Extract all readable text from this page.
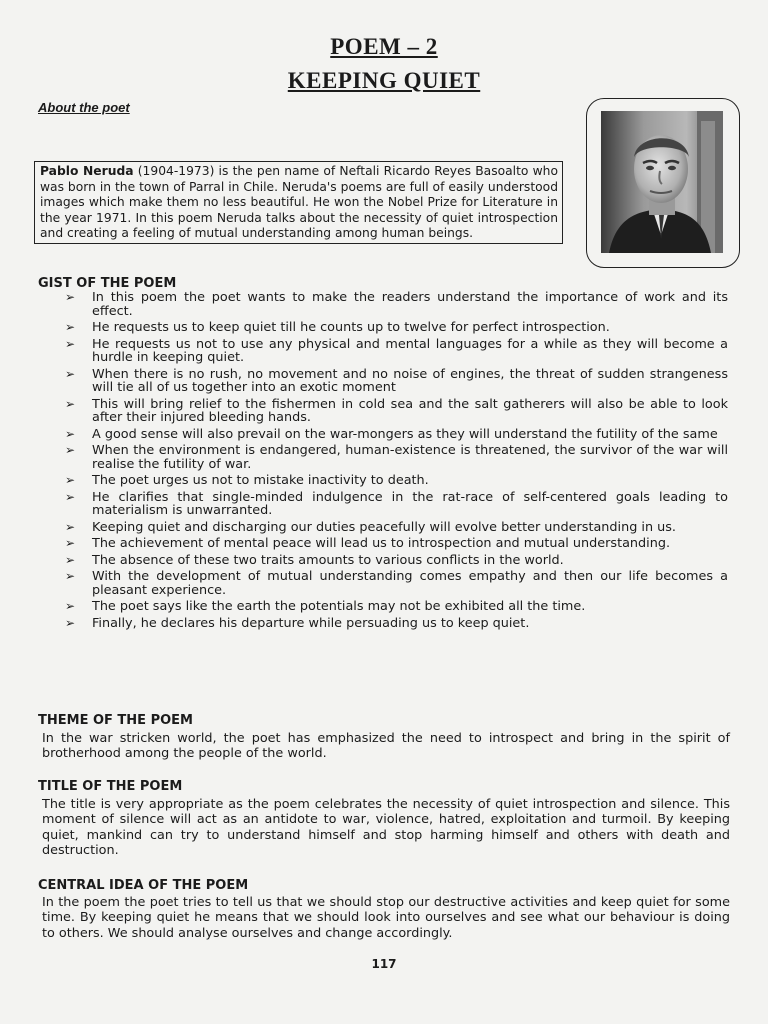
POEM – 2
KEEPING QUIET
About the poet
Pablo Neruda (1904-1973) is the pen name of Neftali Ricardo Reyes Basoalto who was born in the town of Parral in Chile. Neruda's poems are full of easily understood images which make them no less beautiful. He won the Nobel Prize for Literature in the year 1971. In this poem Neruda talks about the necessity of quiet introspection and creating a feeling of mutual understanding among human beings.
GIST OF THE POEM
➢ In this poem the poet wants to make the readers understand the importance of work and its effect.
➢ He requests us to keep quiet till he counts up to twelve for perfect introspection.
➢ He requests us not to use any physical and mental languages for a while as they will become a hurdle in keeping quiet.
➢ When there is no rush, no movement and no noise of engines, the threat of sudden strangeness will tie all of us together into an exotic moment
➢ This will bring relief to the fishermen in cold sea and the salt gatherers will also be able to look after their injured bleeding hands.
➢ A good sense will also prevail on the war-mongers as they will understand the futility of the same
➢ When the environment is endangered, human-existence is threatened, the survivor of the war will realise the futility of war.
➢ The poet urges us not to mistake inactivity to death.
➢ He clarifies that single-minded indulgence in the rat-race of self-centered goals leading to materialism is unwarranted.
➢ Keeping quiet and discharging our duties peacefully will evolve better understanding in us.
➢ The achievement of mental peace will lead us to introspection and mutual understanding.
➢ The absence of these two traits amounts to various conflicts in the world.
➢ With the development of mutual understanding comes empathy and then our life becomes a pleasant experience.
➢ The poet says like the earth the potentials may not be exhibited all the time.
➢ Finally, he declares his departure while persuading us to keep quiet.
THEME OF THE POEM
In the war stricken world, the poet has emphasized the need to introspect and bring in the spirit of brotherhood among the people of the world.
TITLE OF THE POEM
The title is very appropriate as the poem celebrates the necessity of quiet introspection and silence. This moment of silence will act as an antidote to war, violence, hatred, exploitation and turmoil. By keeping quiet, mankind can try to understand himself and stop harming himself and others with death and destruction.
CENTRAL IDEA OF THE POEM
In the poem the poet tries to tell us that we should stop our destructive activities and keep quiet for some time. By keeping quiet he means that we should look into ourselves and see what our behaviour is doing to others. We should analyse ourselves and change accordingly.
117
